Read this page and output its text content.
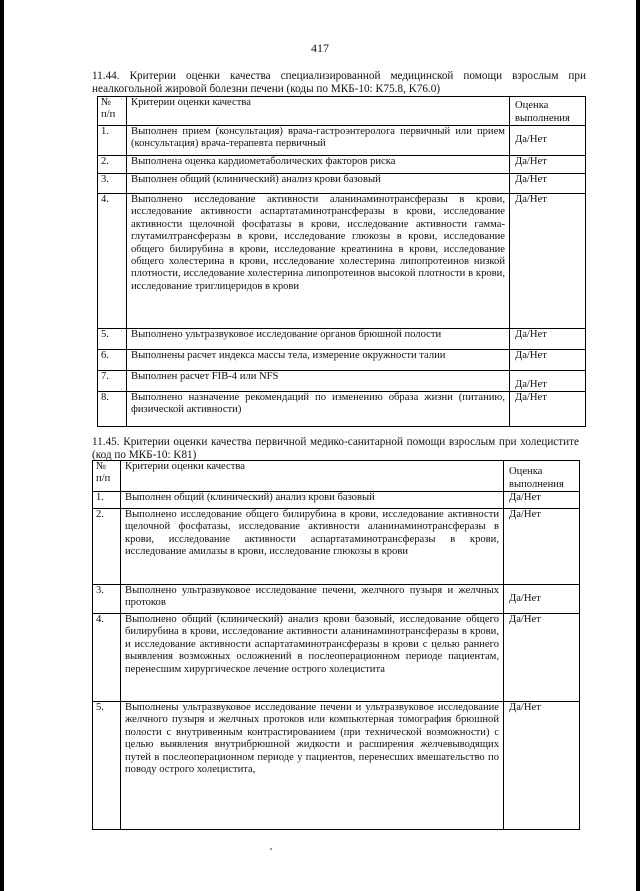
417
11.44. Критерии оценки качества специализированной медицинской помощи взрослым при неалкогольной жировой болезни печени (коды по МКБ-10: K75.8, K76.0)
№ п/п	Критерии оценки качества	Оценка выполнения
1.	Выполнен прием (консультация) врача-гастроэнтеролога первичный или прием (консультация) врача-терапевта первичный	Да/Нет
2.	Выполнена оценка кардиометаболических факторов риска	Да/Нет
3.	Выполнен общий (клинический) анализ крови базовый	Да/Нет
4.	Выполнено исследование активности аланинаминотрансферазы в крови, исследование активности аспартатаминотрансферазы в крови, исследование активности щелочной фосфатазы в крови, исследование активности гамма-глутамилтрансферазы в крови, исследование глюкозы в крови, исследование общего билирубина в крови, исследование креатинина в крови, исследование общего холестерина в крови, исследование холестерина липопротеинов низкой плотности, исследование холестерина липопротеинов высокой плотности в крови, исследование триглицеридов в крови	Да/Нет
5.	Выполнено ультразвуковое исследование органов брюшной полости	Да/Нет
6.	Выполнены расчет индекса массы тела, измерение окружности талии	Да/Нет
7.	Выполнен расчет FIB-4 или NFS	Да/Нет
8.	Выполнено назначение рекомендаций по изменению образа жизни (питанию, физической активности)	Да/Нет
11.45. Критерии оценки качества первичной медико-санитарной помощи взрослым при холецистите (код по МКБ-10: K81)
№ п/п	Критерии оценки качества	Оценка выполнения
1.	Выполнен общий (клинический) анализ крови базовый	Да/Нет
2.	Выполнено исследование общего билирубина в крови, исследование активности щелочной фосфатазы, исследование активности аланинаминотрансферазы в крови, исследование активности аспартатаминотрансферазы в крови, исследование амилазы в крови, исследование глюкозы в крови	Да/Нет
3.	Выполнено ультразвуковое исследование печени, желчного пузыря и желчных протоков	Да/Нет
4.	Выполнено общий (клинический) анализ крови базовый, исследование общего билирубина в крови, исследование активности аланинаминотрансферазы в крови, и исследование активности аспартатаминотрансферазы в крови с целью раннего выявления возможных осложнений в послеоперационном периоде пациентам, перенесшим хирургическое лечение острого холецистита	Да/Нет
5.	Выполнены ультразвуковое исследование печени и ультразвуковое исследование желчного пузыря и желчных протоков или компьютерная томография брюшной полости с внутривенным контрастированием (при технической возможности) с целью выявления внутрибрюшной жидкости и расширения желчевыводящих путей в послеоперационном периоде у пациентов, перенесших вмешательство по поводу острого холецистита,	Да/Нет
